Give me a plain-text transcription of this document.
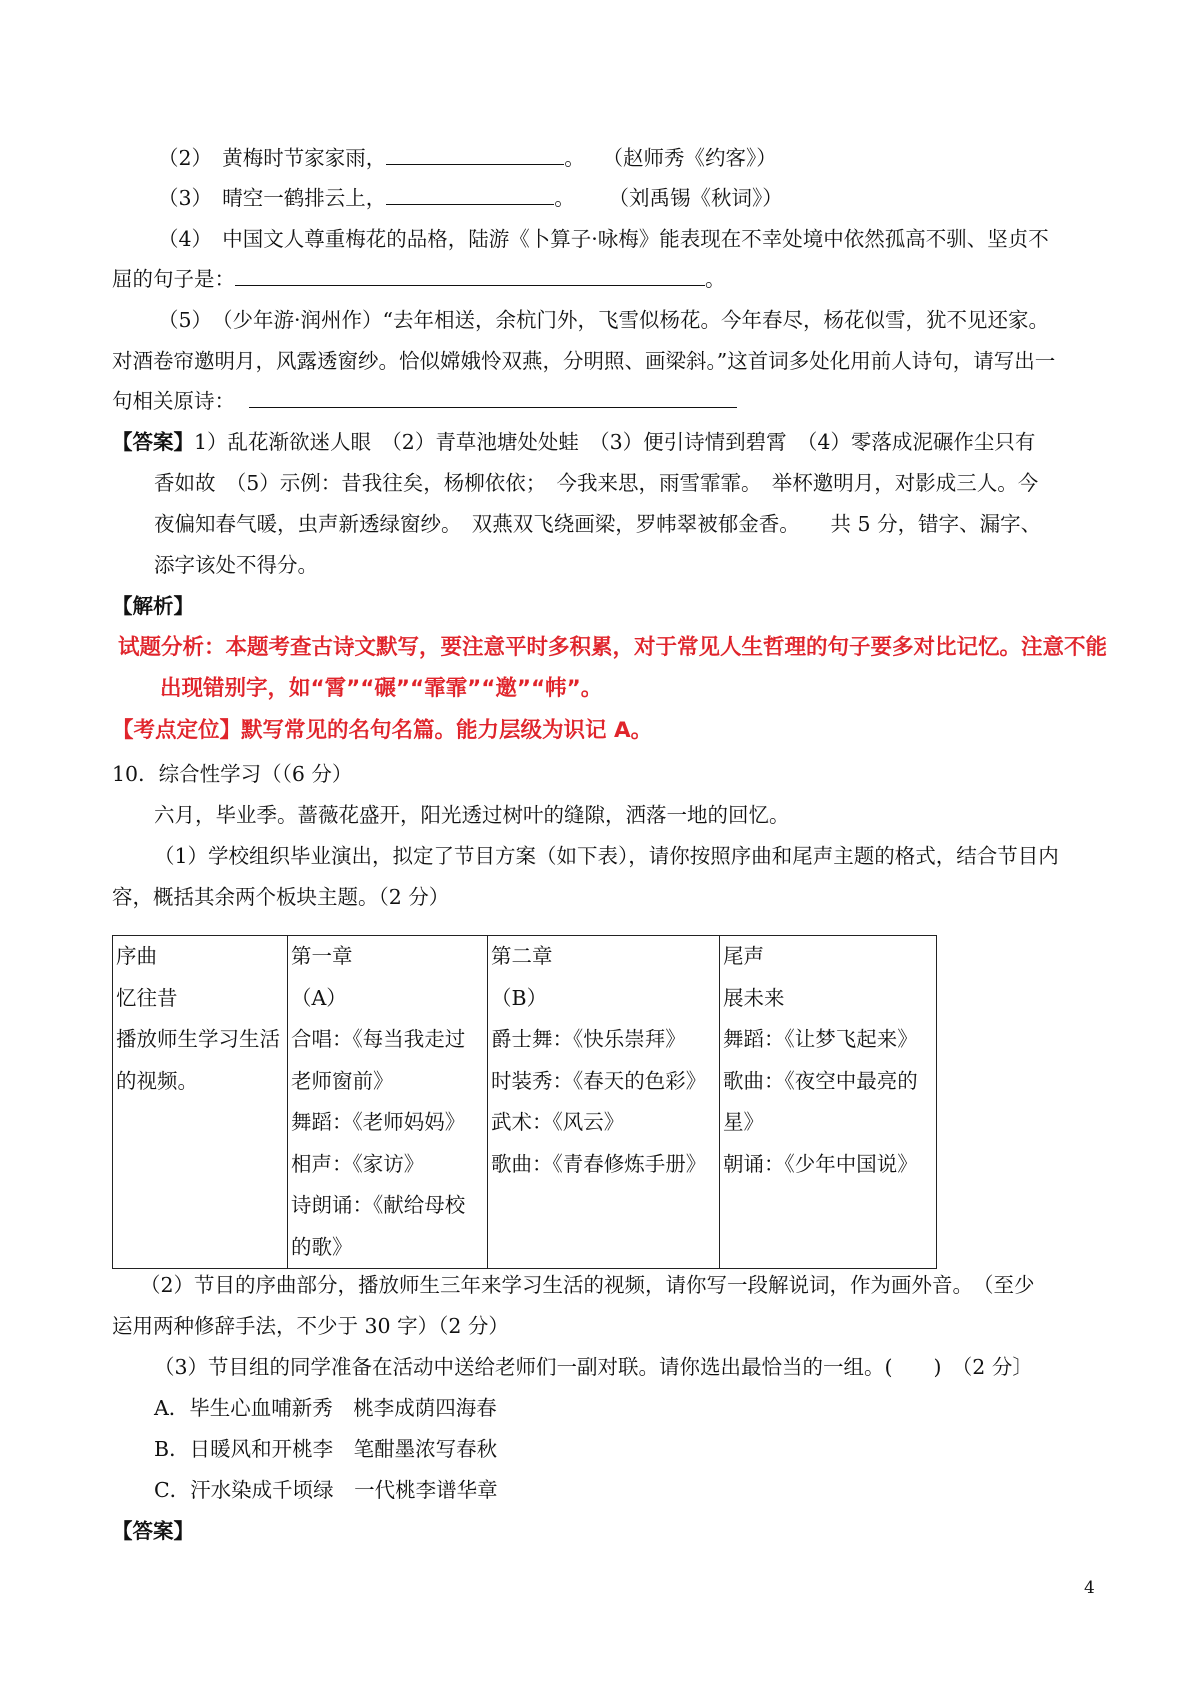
（2）　黄梅时节家家雨，	。 （赵师秀《约客》）
（3）　晴空一鹤排云上，	。 （刘禹锡《秋词》）
（4）　中国文人尊重梅花的品格，陆游《卜算子·咏梅》能表现在不幸处境中依然孤高不驯、坚贞不
屈的句子是：	。
（5）　（少年游·润州作）“去年相送，余杭门外，飞雪似杨花。今年春尽，杨花似雪，犹不见还家。
对酒卷帘邀明月，风露透窗纱。恰似嫦娥怜双燕，分明照、画梁斜。”这首词多处化用前人诗句，请写出一
句相关原诗：
【答案】1）乱花渐欲迷人眼　（2）青草池塘处处蛙　（3）便引诗情到碧霄　（4）零落成泥碾作尘只有
香如故　（5）示例：昔我往矣，杨柳依依；　今我来思，雨雪霏霏。　举杯邀明月，对影成三人。今
夜偏知春气暖，虫声新透绿窗纱。　双燕双飞绕画梁，罗帏翠被郁金香。　　共 5 分，错字、漏字、
添字该处不得分。
【解析】
试题分析：本题考查古诗文默写，要注意平时多积累，对于常见人生哲理的句子要多对比记忆。注意不能
出现错别字，如“霄”“碾”“霏霏”“邀”“帏”。
【考点定位】默写常见的名句名篇。能力层级为识记 A。
10．综合性学习（（6 分）
六月，毕业季。蔷薇花盛开，阳光透过树叶的缝隙，洒落一地的回忆。
（1）学校组织毕业演出，拟定了节目方案（如下表），请你按照序曲和尾声主题的格式，结合节目内
容，概括其余两个板块主题。（2 分）
序曲
忆往昔
播放师生学习生活
的视频。

第一章
（A）
合唱：《每当我走过
老师窗前》
舞蹈：《老师妈妈》
相声：《家访》
诗朗诵：《献给母校
的歌》

第二章
（B）
爵士舞：《快乐崇拜》
时装秀：《春天的色彩》
武术：《风云》
歌曲：《青春修炼手册》

尾声
展未来
舞蹈：《让梦飞起来》
歌曲：《夜空中最亮的
星》
朝诵：《少年中国说》
（2）节目的序曲部分，播放师生三年来学习生活的视频，请你写一段解说词，作为画外音。　（至少
运用两种修辞手法，不少于 30 字）（2 分）
（3）节目组的同学准备在活动中送给老师们一副对联。请你选出最恰当的一组。(　　)　（2 分〕
A．毕生心血哺新秀　桃李成荫四海春
B．日暖风和开桃李　笔酣墨浓写春秋
C．汗水染成千顷绿　一代桃李谱华章
【答案】
4
